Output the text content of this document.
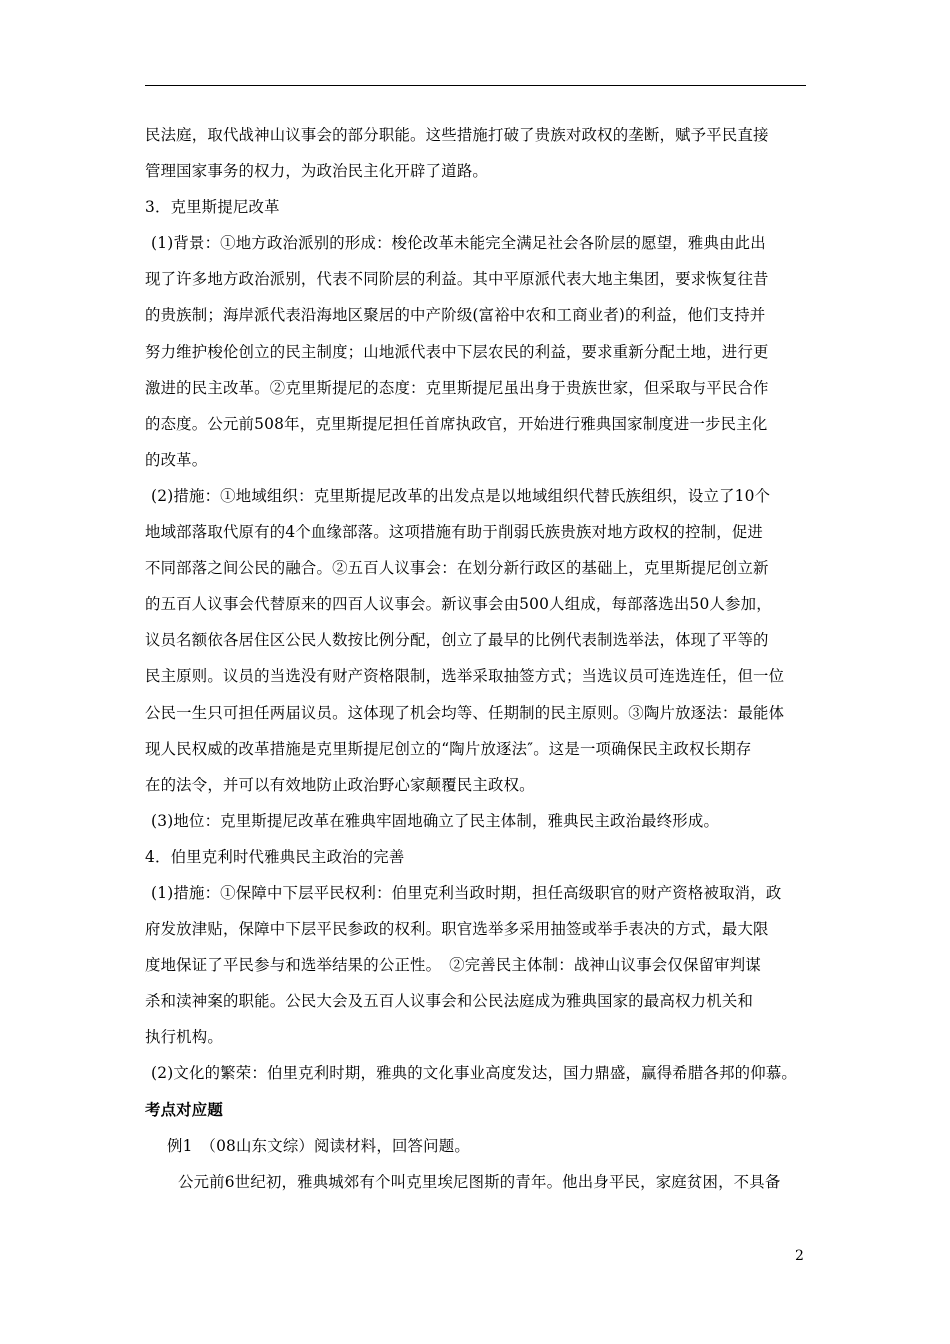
民法庭，取代战神山议事会的部分职能。这些措施打破了贵族对政权的垄断，赋予平民直接
管理国家事务的权力，为政治民主化开辟了道路。
3．克里斯提尼改革
(1)背景：①地方政治派别的形成：梭伦改革未能完全满足社会各阶层的愿望，雅典由此出
现了许多地方政治派别，代表不同阶层的利益。其中平原派代表大地主集团，要求恢复往昔
的贵族制；海岸派代表沿海地区聚居的中产阶级(富裕中农和工商业者)的利益，他们支持并
努力维护梭伦创立的民主制度；山地派代表中下层农民的利益，要求重新分配土地，进行更
激进的民主改革。②克里斯提尼的态度：克里斯提尼虽出身于贵族世家，但采取与平民合作
的态度。公元前508年，克里斯提尼担任首席执政官，开始进行雅典国家制度进一步民主化
的改革。
(2)措施：①地域组织：克里斯提尼改革的出发点是以地域组织代替氏族组织，设立了10个
地域部落取代原有的4个血缘部落。这项措施有助于削弱氏族贵族对地方政权的控制，促进
不同部落之间公民的融合。②五百人议事会：在划分新行政区的基础上，克里斯提尼创立新
的五百人议事会代替原来的四百人议事会。新议事会由500人组成，每部落选出50人参加，
议员名额依各居住区公民人数按比例分配，创立了最早的比例代表制选举法，体现了平等的
民主原则。议员的当选没有财产资格限制，选举采取抽签方式；当选议员可连选连任，但一位
公民一生只可担任两届议员。这体现了机会均等、任期制的民主原则。③陶片放逐法：最能体
现人民权威的改革措施是克里斯提尼创立的“陶片放逐法″。这是一项确保民主政权长期存
在的法令，并可以有效地防止政治野心家颠覆民主政权。
(3)地位：克里斯提尼改革在雅典牢固地确立了民主体制，雅典民主政治最终形成。
4．伯里克利时代雅典民主政治的完善
(1)措施：①保障中下层平民权利：伯里克利当政时期，担任高级职官的财产资格被取消，政
府发放津贴，保障中下层平民参政的权利。职官选举多采用抽签或举手表决的方式，最大限
度地保证了平民参与和选举结果的公正性。　②完善民主体制：战神山议事会仅保留审判谋
杀和渎神案的职能。公民大会及五百人议事会和公民法庭成为雅典国家的最高权力机关和
执行机构。
(2)文化的繁荣：伯里克利时期，雅典的文化事业高度发达，国力鼎盛，赢得希腊各邦的仰慕。
考点对应题
例1　（08山东文综）阅读材料，回答问题。
公元前6世纪初，雅典城郊有个叫克里埃尼图斯的青年。他出身平民，家庭贫困，不具备
2
